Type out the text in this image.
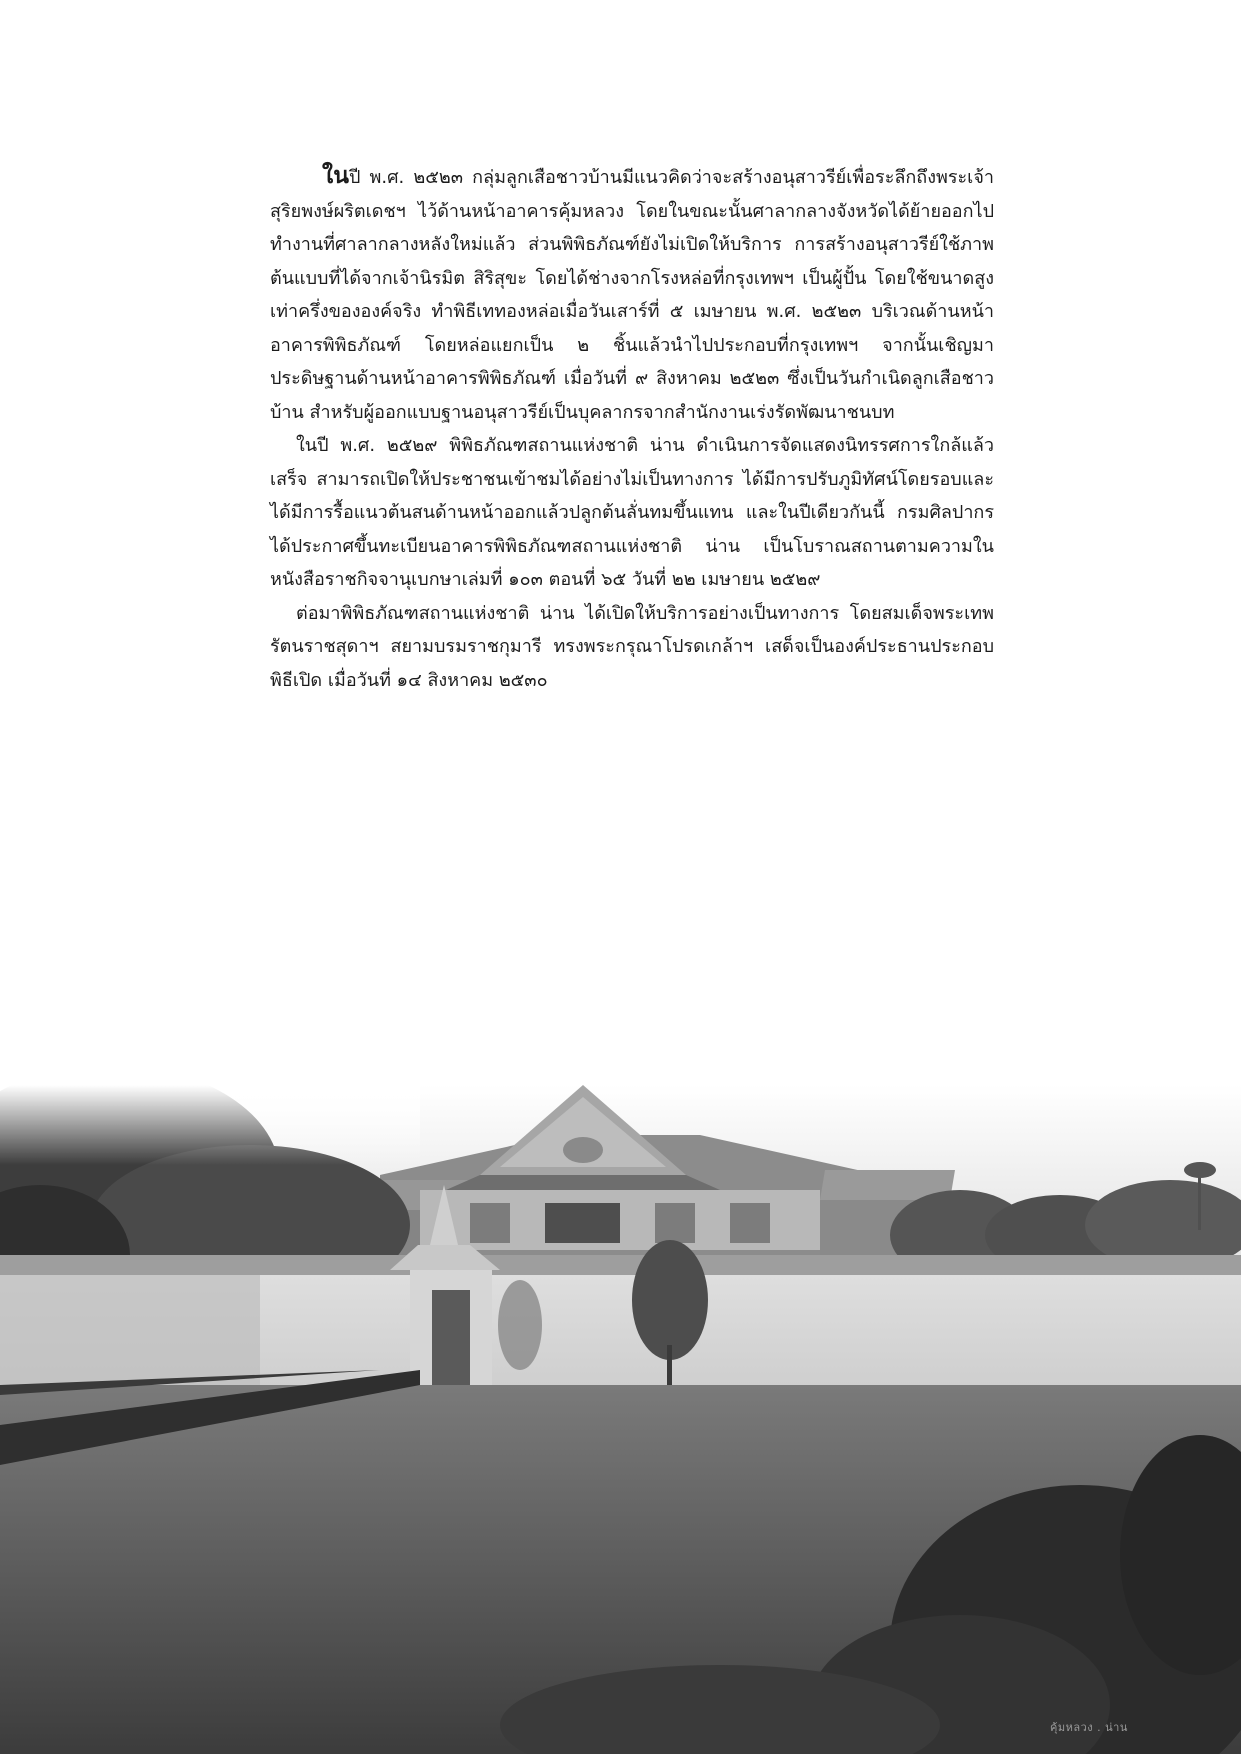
ในปี พ.ศ. ๒๕๒๓ กลุ่มลูกเสือชาวบ้านมีแนวคิดว่าจะสร้างอนุสาวรีย์เพื่อระลึกถึงพระเจ้าสุริยพงษ์ผริตเดชฯ ไว้ด้านหน้าอาคารคุ้มหลวง โดยในขณะนั้นศาลากลางจังหวัดได้ย้ายออกไปทำงานที่ศาลากลางหลังใหม่แล้ว ส่วนพิพิธภัณฑ์ยังไม่เปิดให้บริการ การสร้างอนุสาวรีย์ใช้ภาพต้นแบบที่ได้จากเจ้านิรมิต สิริสุขะ โดยได้ช่างจากโรงหล่อที่กรุงเทพฯ เป็นผู้ปั้น โดยใช้ขนาดสูงเท่าครึ่งขององค์จริง ทำพิธีเททองหล่อเมื่อวันเสาร์ที่ ๕ เมษายน พ.ศ. ๒๕๒๓ บริเวณด้านหน้าอาคารพิพิธภัณฑ์ โดยหล่อแยกเป็น ๒ ชิ้นแล้วนำไปประกอบที่กรุงเทพฯ จากนั้นเชิญมาประดิษฐานด้านหน้าอาคารพิพิธภัณฑ์ เมื่อวันที่ ๙ สิงหาคม ๒๕๒๓ ซึ่งเป็นวันกำเนิดลูกเสือชาวบ้าน สำหรับผู้ออกแบบฐานอนุสาวรีย์เป็นบุคลากรจากสำนักงานเร่งรัดพัฒนาชนบท

ในปี พ.ศ. ๒๕๒๙ พิพิธภัณฑสถานแห่งชาติ น่าน ดำเนินการจัดแสดงนิทรรศการใกล้แล้วเสร็จ สามารถเปิดให้ประชาชนเข้าชมได้อย่างไม่เป็นทางการ ได้มีการปรับภูมิทัศน์โดยรอบและได้มีการรื้อแนวต้นสนด้านหน้าออกแล้วปลูกต้นลั่นทมขึ้นแทน และในปีเดียวกันนี้ กรมศิลปากรได้ประกาศขึ้นทะเบียนอาคารพิพิธภัณฑสถานแห่งชาติ น่าน เป็นโบราณสถานตามความในหนังสือราชกิจจานุเบกษาเล่มที่ ๑๐๓ ตอนที่ ๖๕ วันที่ ๒๒ เมษายน ๒๕๒๙

ต่อมาพิพิธภัณฑสถานแห่งชาติ น่าน ได้เปิดให้บริการอย่างเป็นทางการ โดยสมเด็จพระเทพรัตนราชสุดาฯ สยามบรมราชกุมารี ทรงพระกรุณาโปรดเกล้าฯ เสด็จเป็นองค์ประธานประกอบพิธีเปิด เมื่อวันที่ ๑๔ สิงหาคม ๒๕๓๐

คุ้มหลวง . น่าน
